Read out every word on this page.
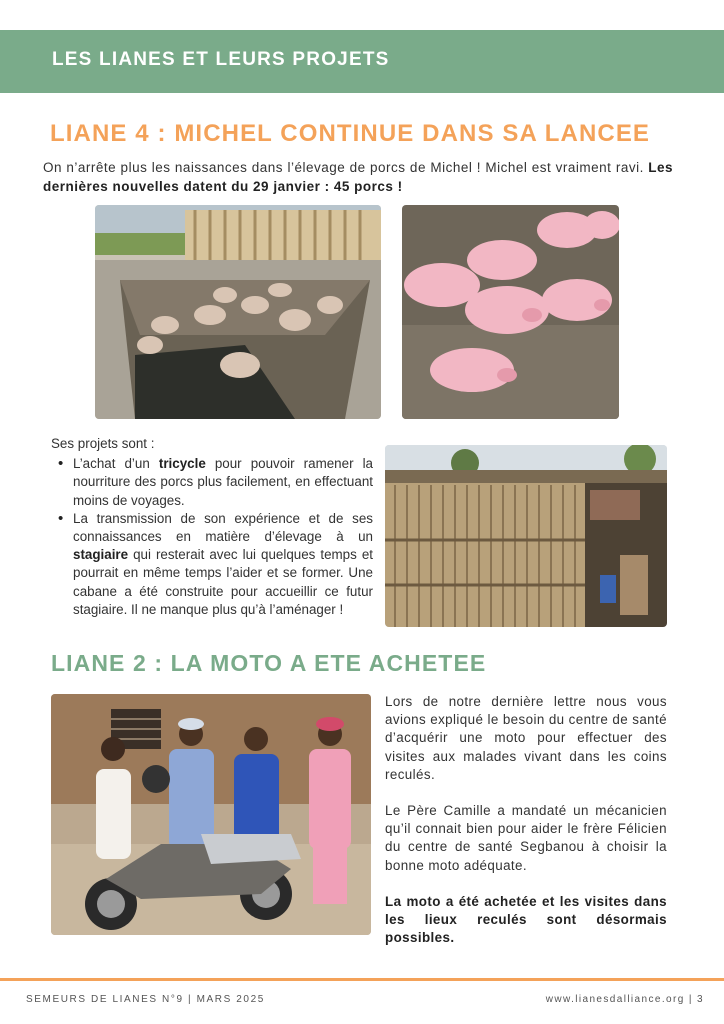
LES LIANES ET LEURS PROJETS
LIANE 4 : MICHEL CONTINUE DANS SA LANCEE
On n’arrête plus les naissances dans l’élevage de porcs de Michel ! Michel est vraiment ravi. Les dernières nouvelles datent du 29 janvier : 45 porcs !
Ses projets sont :
• L’achat d’un tricycle pour pouvoir ramener la nourriture des porcs plus facilement, en effectuant moins de voyages.
• La transmission de son expérience et de ses connaissances en matière d’élevage à un stagiaire qui resterait avec lui quelques temps et pourrait en même temps l’aider et se former. Une cabane a été construite pour accueillir ce futur stagiaire. Il ne manque plus qu’à l’aménager !
LIANE 2 : LA MOTO A ETE ACHETEE

Lors de notre dernière lettre nous vous avions expliqué le besoin du centre de santé d’acquérir une moto pour effectuer des visites aux malades vivant dans les coins reculés.

Le Père Camille a mandaté un mécanicien qu’il connait bien pour aider le frère Félicien du centre de santé Segbanou à choisir la bonne moto adéquate.

La moto a été achetée et les visites dans les lieux reculés sont désormais possibles.

SEMEURS DE LIANES N°9 | MARS 2025	www.lianesdalliance.org | 3
